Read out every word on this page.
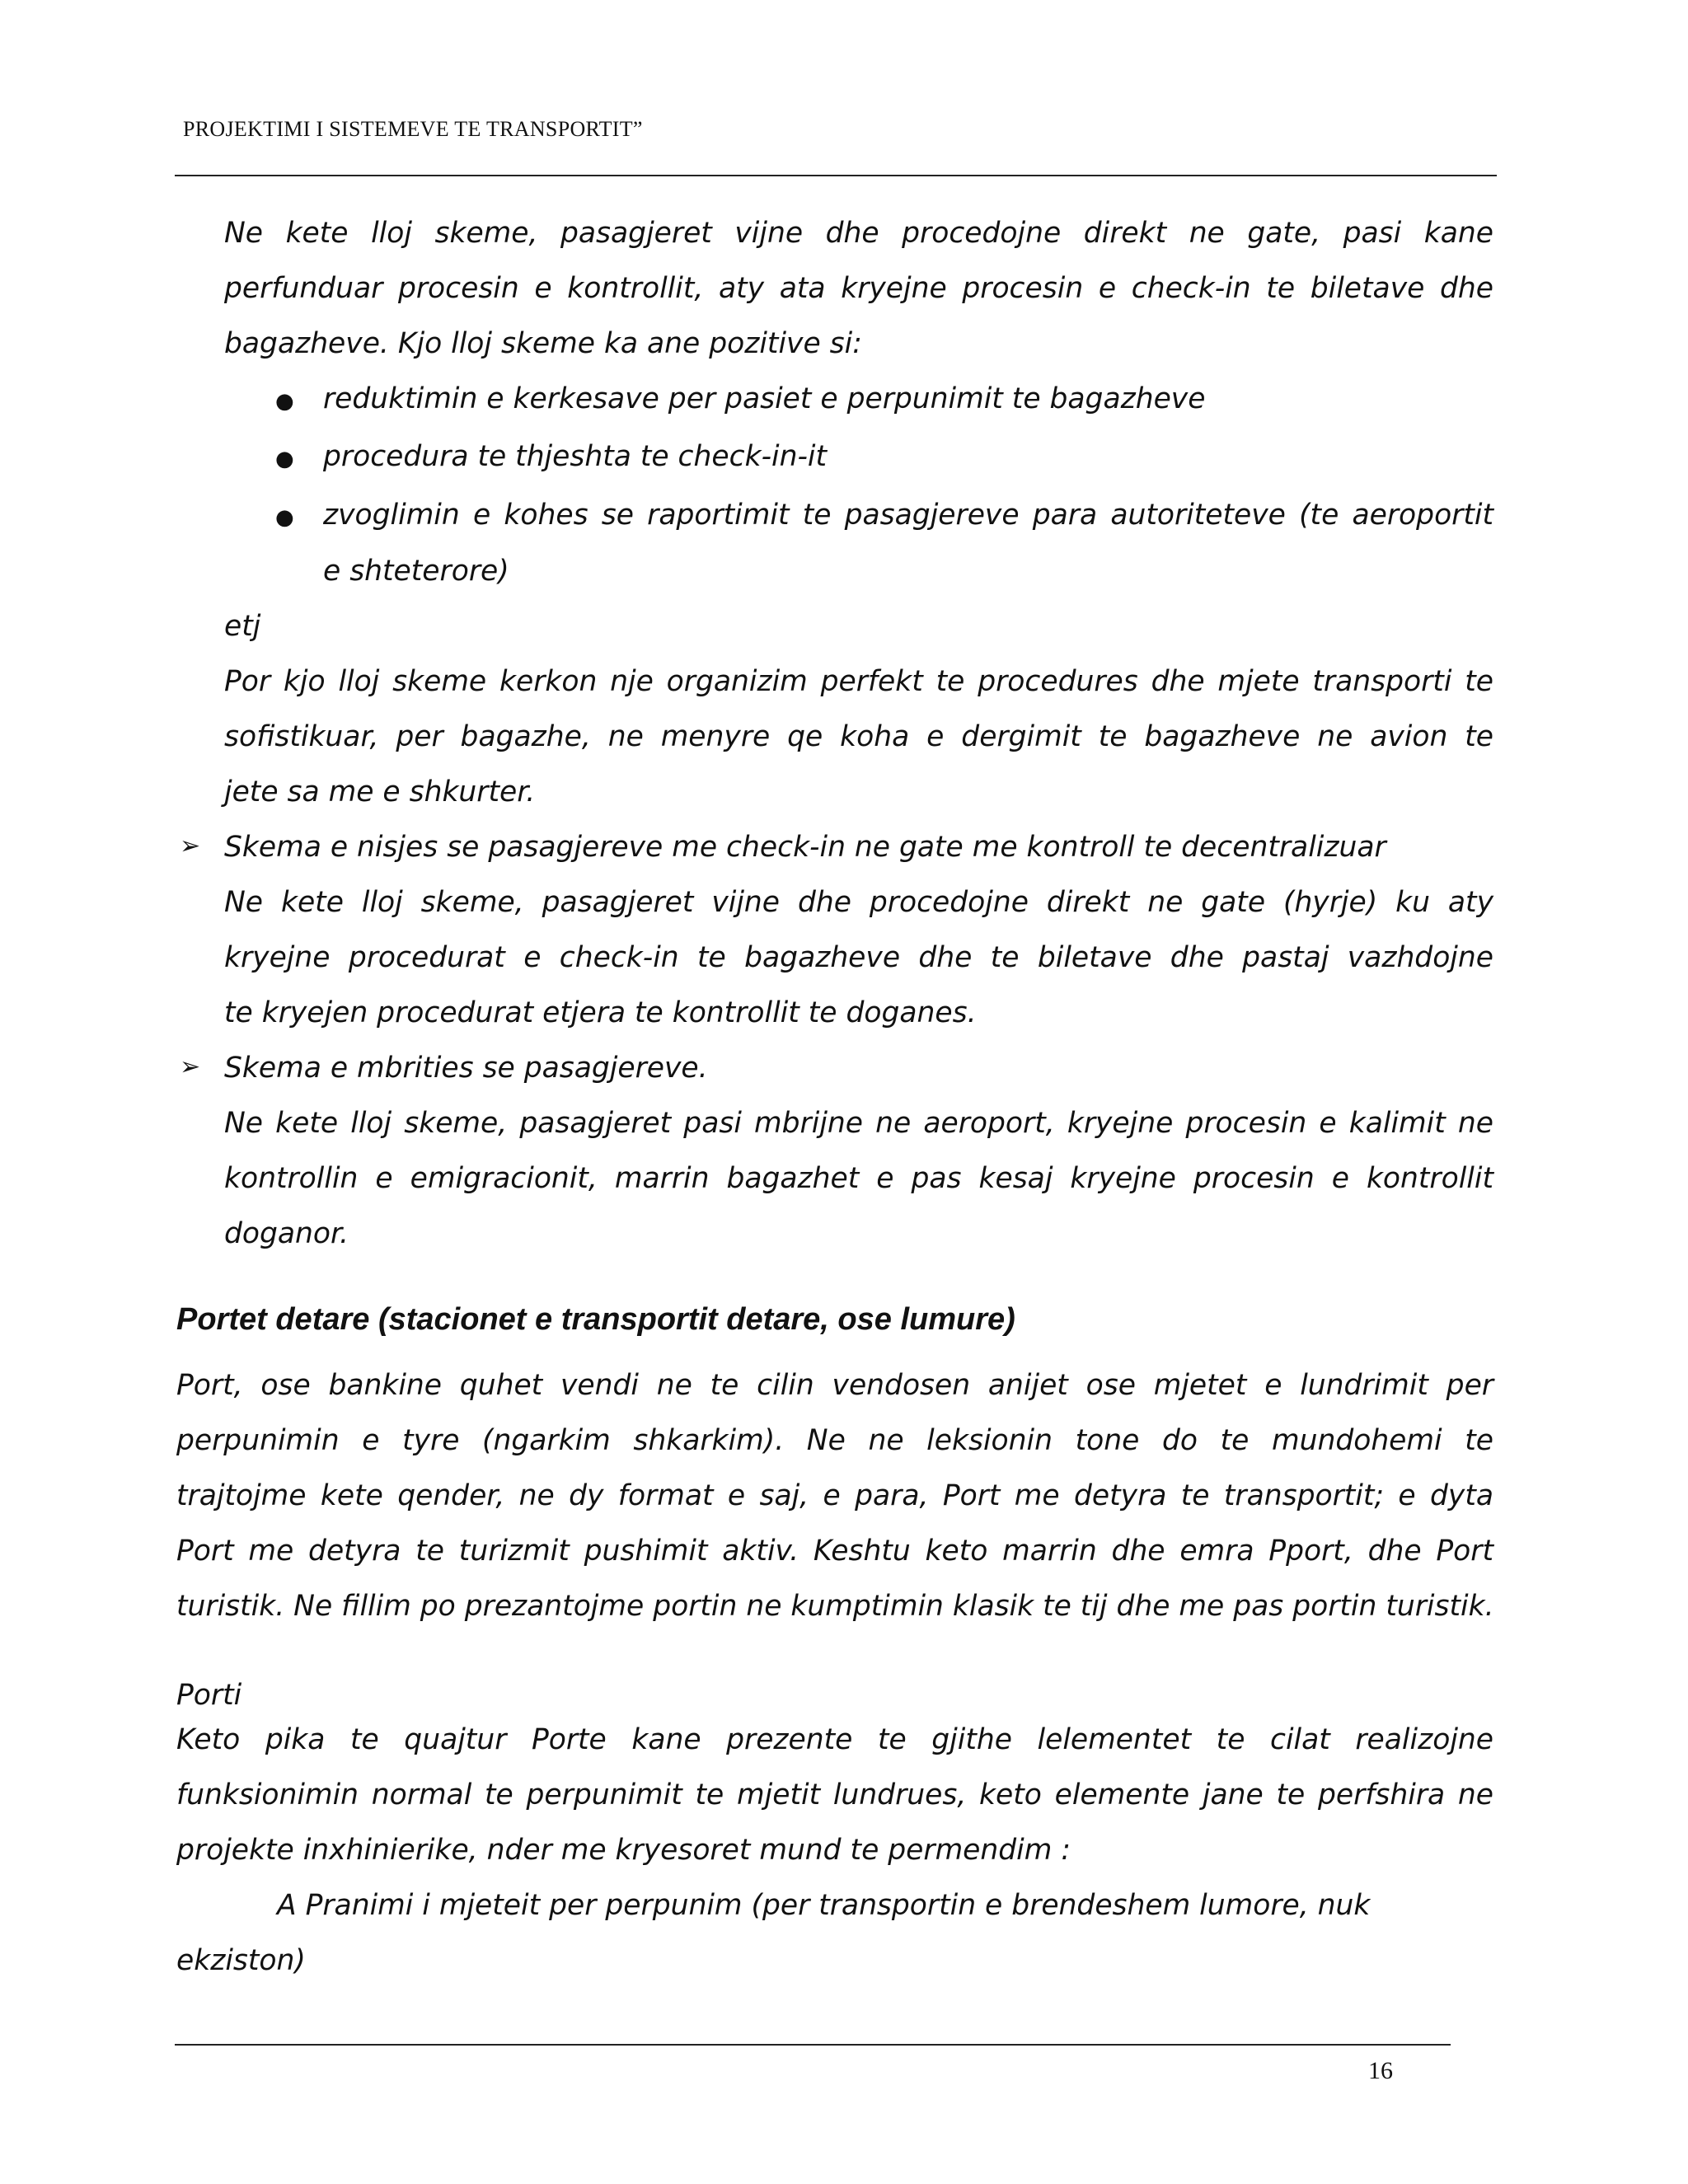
PROJEKTIMI I SISTEMEVE TE TRANSPORTIT”
Ne kete lloj skeme, pasagjeret vijne dhe procedojne direkt ne gate, pasi kane
perfunduar procesin e kontrollit, aty ata kryejne procesin e check-in te biletave dhe
bagazheve. Kjo lloj skeme ka ane pozitive si:
● reduktimin e kerkesave per pasiet e perpunimit te bagazheve
● procedura te thjeshta te check-in-it
● zvoglimin e kohes se raportimit te pasagjereve para autoriteteve (te aeroportit
e shteterore)
etj
Por kjo lloj skeme kerkon nje organizim perfekt te procedures dhe mjete transporti te
sofistikuar, per bagazhe, ne menyre qe koha e dergimit te bagazheve ne avion te
jete sa me e shkurter.
➢ Skema e nisjes se pasagjereve me check-in ne gate me kontroll te decentralizuar
Ne kete lloj skeme, pasagjeret vijne dhe procedojne direkt ne gate (hyrje) ku aty
kryejne procedurat e check-in te bagazheve dhe te biletave dhe pastaj vazhdojne
te kryejen procedurat etjera te kontrollit te doganes.
➢ Skema e mbrities se pasagjereve.
Ne kete lloj skeme, pasagjeret pasi mbrijne ne aeroport, kryejne procesin e kalimit ne
kontrollin e emigracionit, marrin bagazhet e pas kesaj kryejne procesin e kontrollit
doganor.
Portet detare (stacionet e transportit detare, ose lumure)
Port, ose bankine quhet vendi ne te cilin vendosen anijet ose mjetet e lundrimit per
perpunimin e tyre (ngarkim shkarkim). Ne ne leksionin tone do te mundohemi te
trajtojme kete qender, ne dy format e saj, e para, Port me detyra te transportit; e dyta
Port me detyra te turizmit pushimit aktiv. Keshtu keto marrin dhe emra Pport, dhe Port
turistik. Ne fillim po prezantojme portin ne kumptimin klasik te tij dhe me pas portin turistik.
Porti
Keto pika te quajtur Porte kane prezente te gjithe lelementet te cilat realizojne
funksionimin normal te perpunimit te mjetit lundrues, keto elemente jane te perfshira ne
projekte inxhinierike, nder me kryesoret mund te permendim :
A Pranimi i mjeteit per perpunim (per transportin e brendeshem lumore, nuk
ekziston)
16
